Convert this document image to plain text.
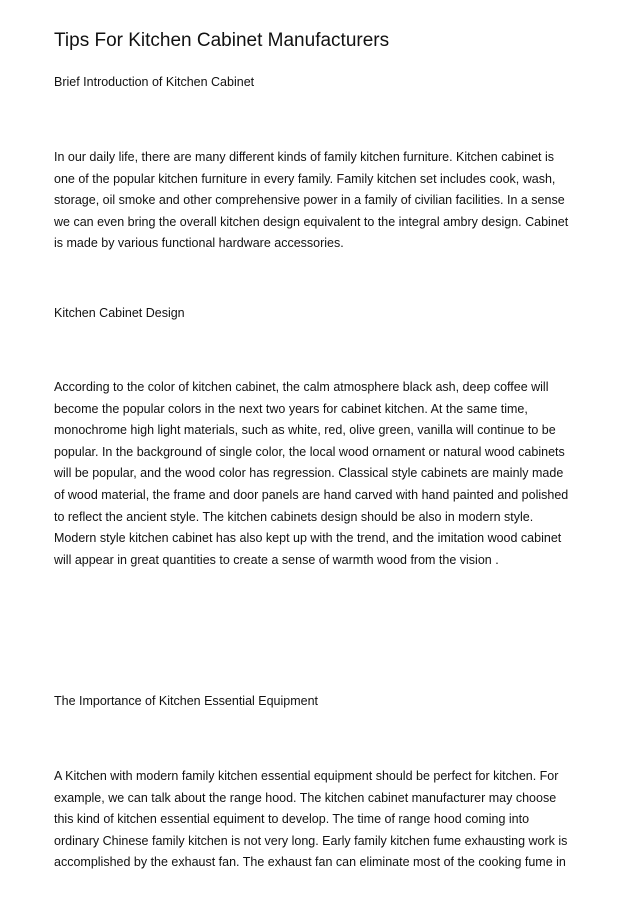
Tips For Kitchen Cabinet Manufacturers
Brief Introduction of Kitchen Cabinet

In our daily life, there are many different kinds of family kitchen furniture. Kitchen cabinet is
one of the popular kitchen furniture in every family. Family kitchen set includes cook, wash,
storage, oil smoke and other comprehensive power in a family of civilian facilities. In a sense
we can even bring the overall kitchen design equivalent to the integral ambry design. Cabinet
is made by various functional hardware accessories.

Kitchen Cabinet Design

According to the color of kitchen cabinet, the calm atmosphere black ash, deep coffee will
become the popular colors in the next two years for cabinet kitchen. At the same time,
monochrome high light materials, such as white, red, olive green, vanilla will continue to be
popular. In the background of single color, the local wood ornament or natural wood cabinets
will be popular, and the wood color has regression. Classical style cabinets are mainly made
of wood material, the frame and door panels are hand carved with hand painted and polished
to reflect the ancient style. The kitchen cabinets design should be also in modern style.
Modern style kitchen cabinet has also kept up with the trend, and the imitation wood cabinet
will appear in great quantities to create a sense of warmth wood from the vision .

The Importance of Kitchen Essential Equipment

A Kitchen with modern family kitchen essential equipment should be perfect for kitchen. For
example, we can talk about the range hood. The kitchen cabinet manufacturer may choose
this kind of kitchen essential equiment to develop. The time of range hood coming into
ordinary Chinese family kitchen is not very long. Early family kitchen fume exhausting work is
accomplished by the exhaust fan. The exhaust fan can eliminate most of the cooking fume in
